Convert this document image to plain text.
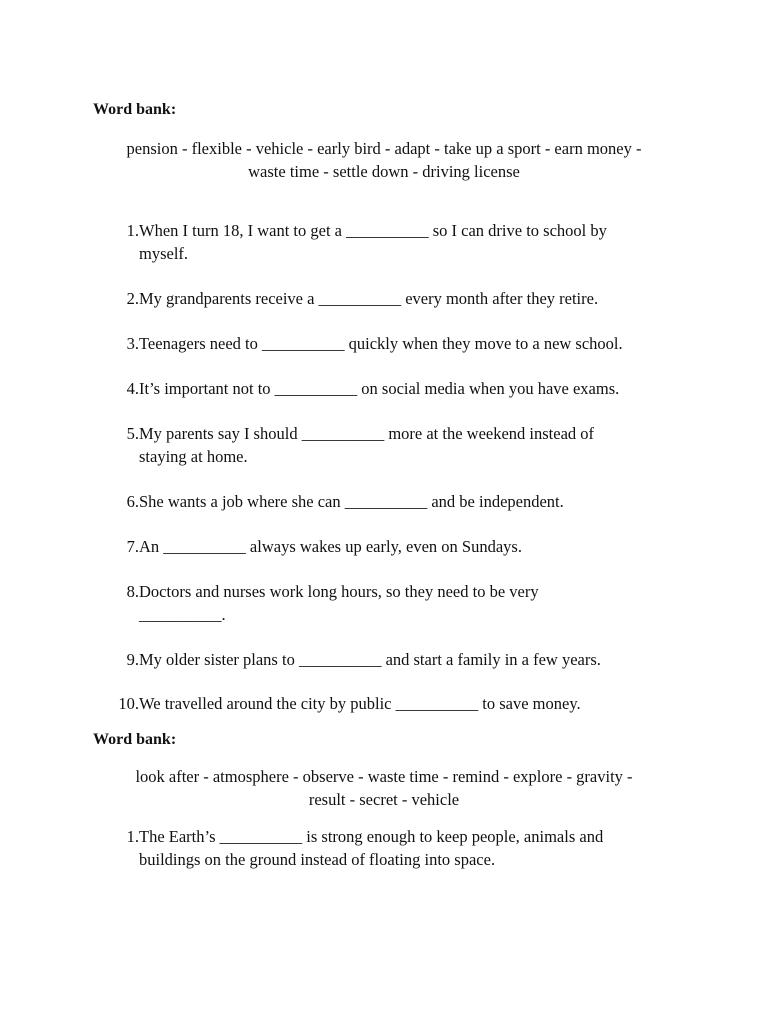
Word bank:

pension - flexible - vehicle - early bird - adapt - take up a sport - earn money -
waste time - settle down - driving license
1. When I turn 18, I want to get a __________ so I can drive to school by
myself.
2. My grandparents receive a __________ every month after they retire.
3. Teenagers need to __________ quickly when they move to a new school.
4. It’s important not to __________ on social media when you have exams.
5. My parents say I should __________ more at the weekend instead of
staying at home.
6. She wants a job where she can __________ and be independent.
7. An __________ always wakes up early, even on Sundays.
8. Doctors and nurses work long hours, so they need to be very
__________.
9. My older sister plans to __________ and start a family in a few years.
10. We travelled around the city by public __________ to save money.

Word bank:

look after - atmosphere - observe - waste time - remind - explore - gravity -
result - secret - vehicle
1. The Earth’s __________ is strong enough to keep people, animals and
buildings on the ground instead of floating into space.
